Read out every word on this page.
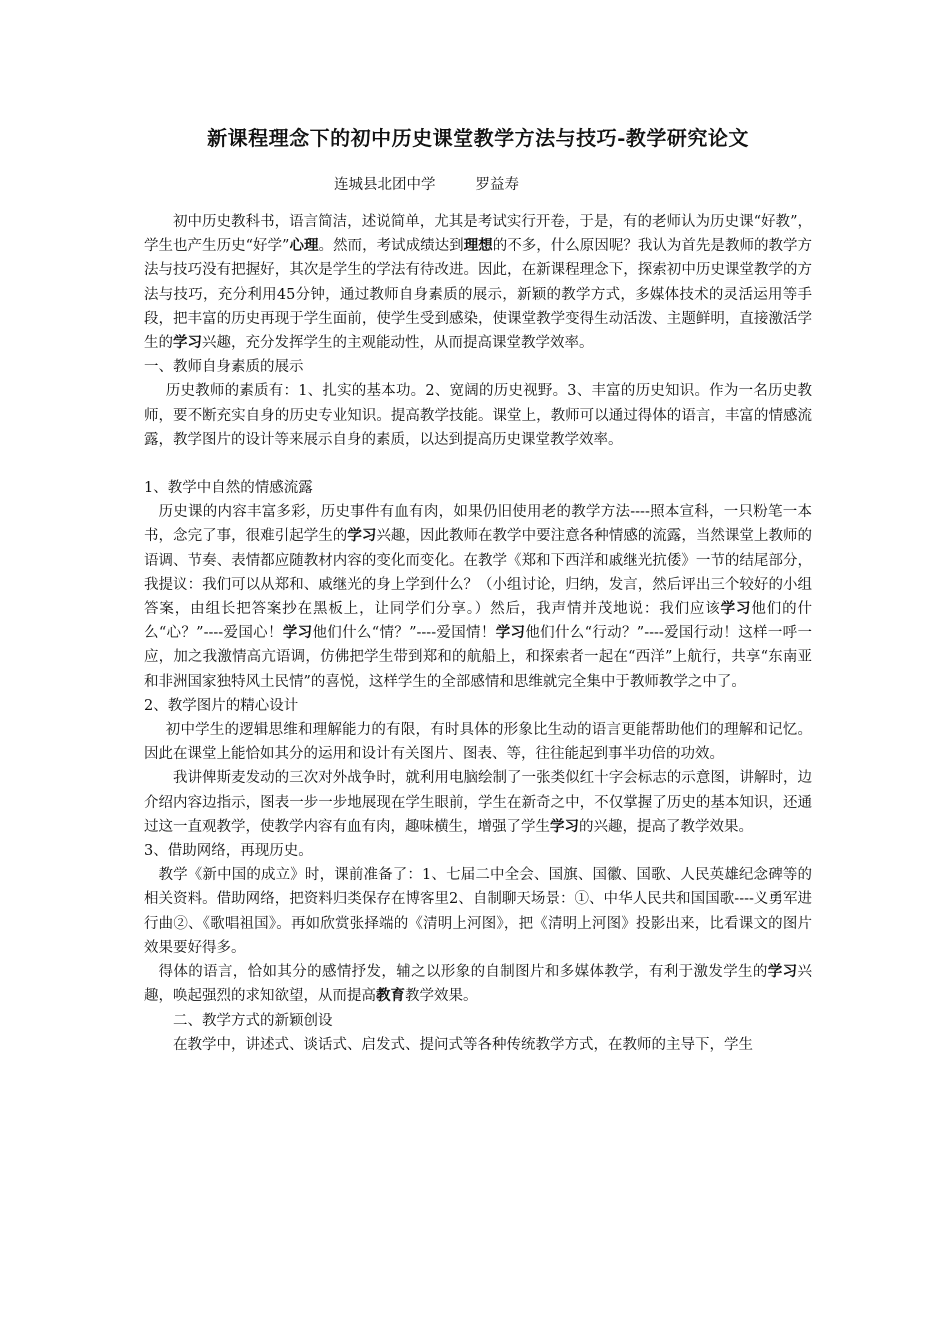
新课程理念下的初中历史课堂教学方法与技巧-教学研究论文
连城县北团中学	罗益寿

初中历史教科书，语言简洁，述说简单，尤其是考试实行开卷，于是，有的老师认为历史课“好教”，学生也产生历史“好学”心理。然而，考试成绩达到理想的不多，什么原因呢？我认为首先是教师的教学方法与技巧没有把握好，其次是学生的学法有待改进。因此，在新课程理念下，探索初中历史课堂教学的方法与技巧，充分利用45分钟，通过教师自身素质的展示，新颖的教学方式，多媒体技术的灵活运用等手段，把丰富的历史再现于学生面前，使学生受到感染，使课堂教学变得生动活泼、主题鲜明，直接激活学生的学习兴趣，充分发挥学生的主观能动性，从而提高课堂教学效率。

一、教师自身素质的展示

历史教师的素质有：1、扎实的基本功。2、宽阔的历史视野。3、丰富的历史知识。作为一名历史教师，要不断充实自身的历史专业知识。提高教学技能。课堂上，教师可以通过得体的语言，丰富的情感流露，教学图片的设计等来展示自身的素质，以达到提高历史课堂教学效率。

1、教学中自然的情感流露

历史课的内容丰富多彩，历史事件有血有肉，如果仍旧使用老的教学方法----照本宣科，一只粉笔一本书，念完了事，很难引起学生的学习兴趣，因此教师在教学中要注意各种情感的流露，当然课堂上教师的语调、节奏、表情都应随教材内容的变化而变化。在教学《郑和下西洋和戚继光抗倭》一节的结尾部分，我提议：我们可以从郑和、戚继光的身上学到什么？（小组讨论，归纳，发言，然后评出三个较好的小组答案，由组长把答案抄在黑板上，让同学们分享。）然后，我声情并茂地说：我们应该学习他们的什么“心？”----爱国心！学习他们什么“情？”----爱国情！学习他们什么“行动？”----爱国行动！这样一呼一应，加之我激情高亢语调，仿佛把学生带到郑和的航船上，和探索者一起在“西洋”上航行，共享“东南亚和非洲国家独特风土民情”的喜悦，这样学生的全部感情和思维就完全集中于教师教学之中了。

2、教学图片的精心设计

初中学生的逻辑思维和理解能力的有限，有时具体的形象比生动的语言更能帮助他们的理解和记忆。因此在课堂上能恰如其分的运用和设计有关图片、图表、等，往往能起到事半功倍的功效。

我讲俾斯麦发动的三次对外战争时，就利用电脑绘制了一张类似红十字会标志的示意图，讲解时，边介绍内容边指示，图表一步一步地展现在学生眼前，学生在新奇之中，不仅掌握了历史的基本知识，还通过这一直观教学，使教学内容有血有肉，趣味横生，增强了学生学习的兴趣，提高了教学效果。

3、借助网络，再现历史。

教学《新中国的成立》时，课前准备了：1、七届二中全会、国旗、国徽、国歌、人民英雄纪念碑等的相关资料。借助网络，把资料归类保存在博客里2、自制聊天场景：①、中华人民共和国国歌----义勇军进行曲②、《歌唱祖国》。再如欣赏张择端的《清明上河图》，把《清明上河图》投影出来，比看课文的图片效果要好得多。

得体的语言，恰如其分的感情抒发，辅之以形象的自制图片和多媒体教学，有利于激发学生的学习兴趣，唤起强烈的求知欲望，从而提高教育教学效果。

二、教学方式的新颖创设

在教学中，讲述式、谈话式、启发式、提问式等各种传统教学方式，在教师的主导下，学生
